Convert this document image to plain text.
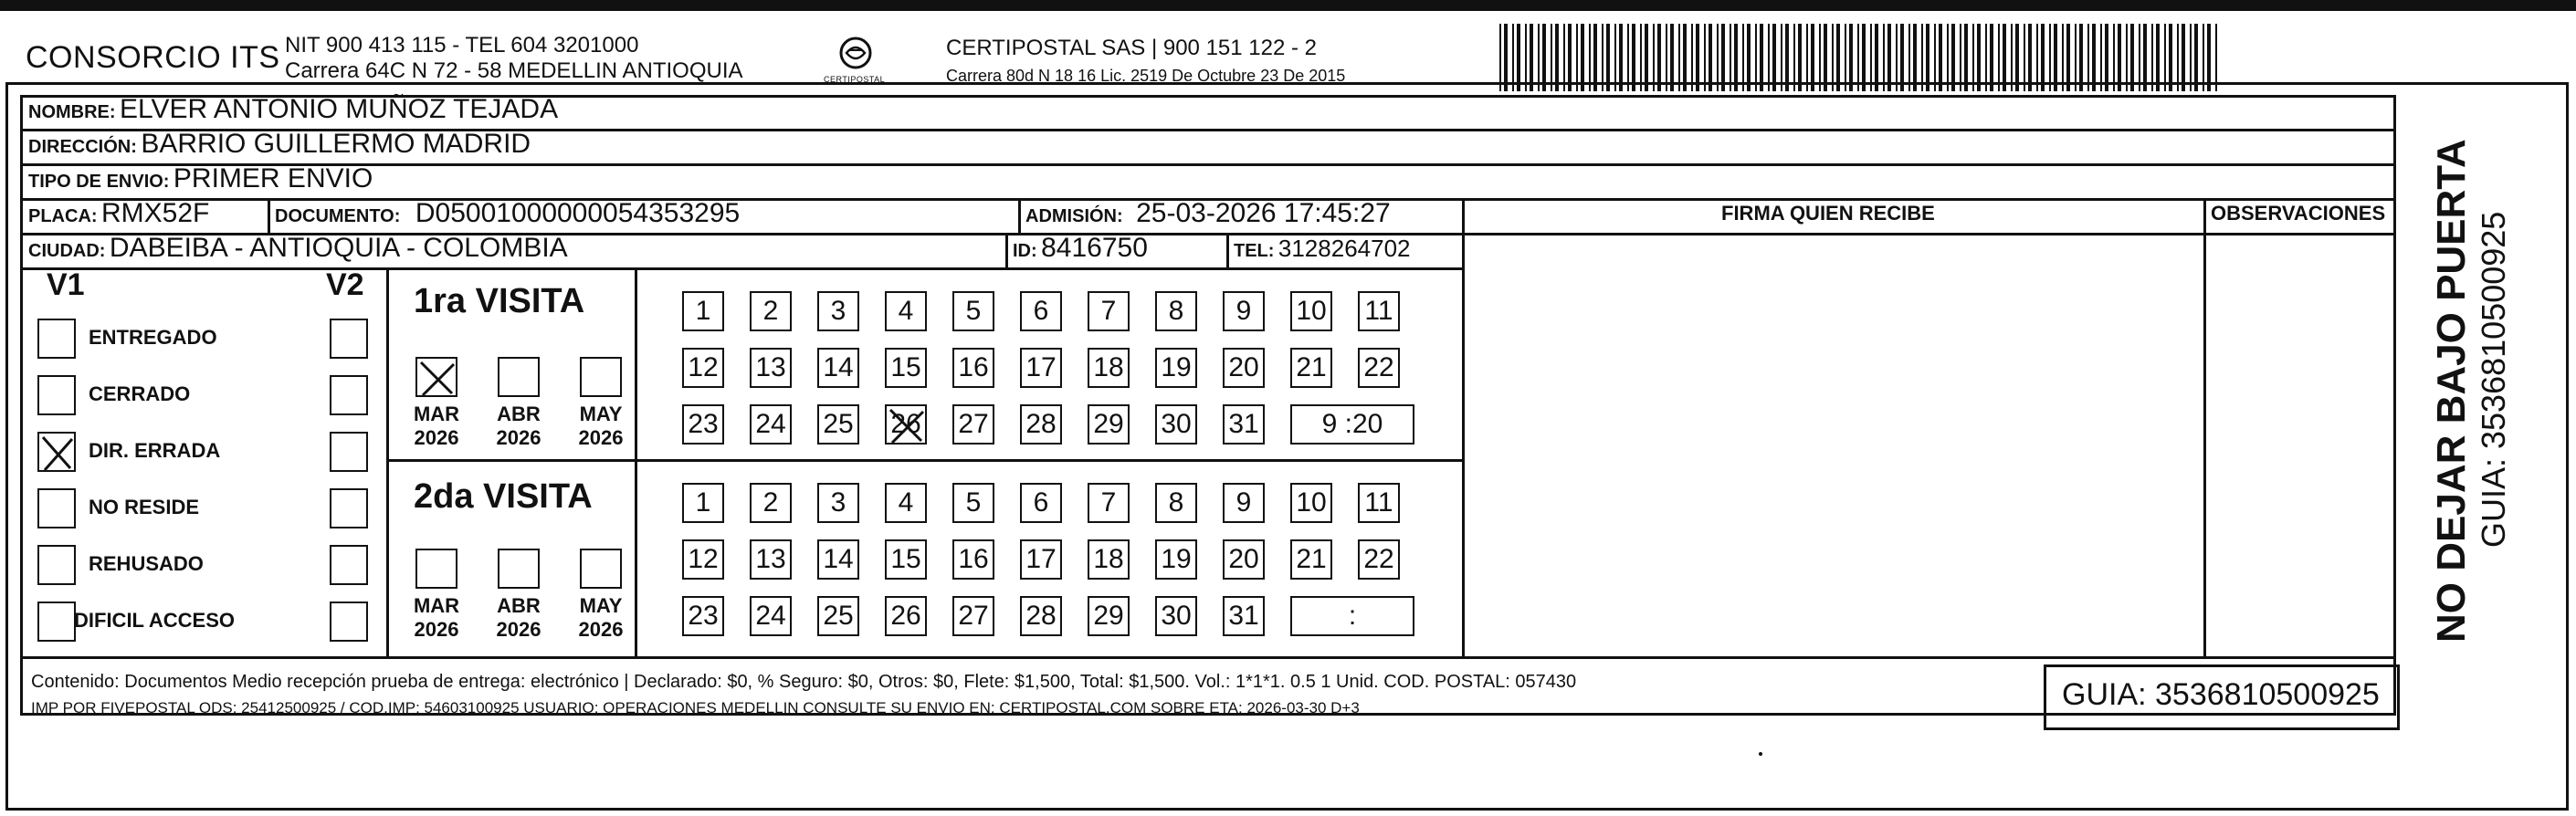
CONSORCIO ITS NIT 900 413 115 - TEL 604 3201000
Carrera 64C N 72 - 58 MEDELLIN ANTIOQUIA	CERTIPOSTAL
CERTIPOSTAL SAS | 900 151 122 - 2
Carrera 80d N 18 16 Lic. 2519 De Octubre 23 De 2015
NOMBRE: ELVER ANTONIO MUÑOZ TEJADA
DIRECCIÓN: BARRIO GUILLERMO MADRID
TIPO DE ENVIO: PRIMER ENVIO
PLACA: RMX52F	DOCUMENTO: D05001000000054353295	ADMISIÓN: 25-03-2026 17:45:27
CIUDAD: DABEIBA - ANTIOQUIA - COLOMBIA	ID: 8416750	TEL: 3128264702
FIRMA QUIEN RECIBE	OBSERVACIONES
V1	V2
ENTREGADO
CERRADO
DIR. ERRADA
NO RESIDE
REHUSADO
DIFICIL ACCESO
1ra VISITA
MAR
2026
ABR
2026
MAY
2026
1	2	3	4	5	6	7	8	9	10 11
12 13 14 15 16 17 18 19 20 21 22
23 24 25 26 27 28 29 30 31	9 :20
2da VISITA
MAR
2026
ABR
2026
MAY
2026
1	2	3	4	5	6	7	8	9	10 11
12 13 14 15 16 17 18 19 20 21 22
23 24 25 26 27 28 29 30 31	:
Contenido: Documentos Medio recepción prueba de entrega: electrónico | Declarado: $0, % Seguro: $0, Otros: $0, Flete: $1,500, Total: $1,500. Vol.: 1*1*1. 0.5 1 Unid. COD. POSTAL: 057430
IMP POR FIVEPOSTAL ODS: 25412500925 / COD.IMP: 54603100925 USUARIO: OPERACIONES MEDELLIN CONSULTE SU ENVIO EN: CERTIPOSTAL.COM SOBRE ETA: 2026-03-30 D+3	GUIA: 3536810500925
NO DEJAR BAJO PUERTA GUIA: 3536810500925
